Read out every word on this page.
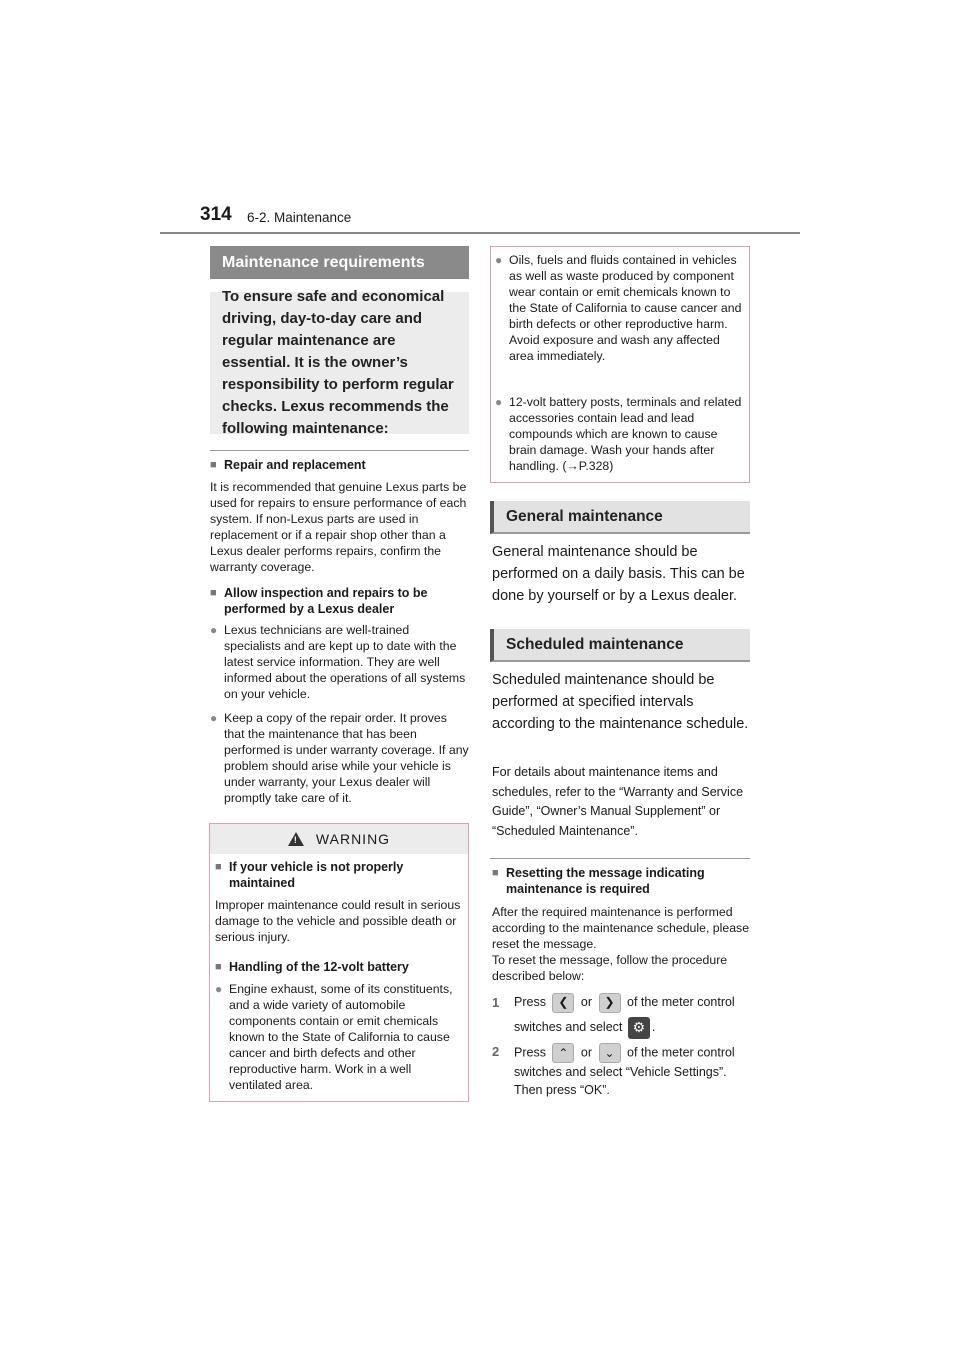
314 6-2. Maintenance
Maintenance requirements
To ensure safe and economical driving, day-to-day care and regular maintenance are essential. It is the owner’s responsibility to perform regular checks. Lexus recommends the following maintenance:
■ Repair and replacement
It is recommended that genuine Lexus parts be used for repairs to ensure performance of each system. If non-Lexus parts are used in replacement or if a repair shop other than a Lexus dealer performs repairs, confirm the warranty coverage.
■ Allow inspection and repairs to be performed by a Lexus dealer
● Lexus technicians are well-trained specialists and are kept up to date with the latest service information. They are well informed about the operations of all systems on your vehicle.
● Keep a copy of the repair order. It proves that the maintenance that has been performed is under warranty coverage. If any problem should arise while your vehicle is under warranty, your Lexus dealer will promptly take care of it.
! WARNING
■ If your vehicle is not properly maintained
Improper maintenance could result in serious damage to the vehicle and possible death or serious injury.
■ Handling of the 12-volt battery
● Engine exhaust, some of its constituents, and a wide variety of automobile components contain or emit chemicals known to the State of California to cause cancer and birth defects and other reproductive harm. Work in a well ventilated area.
● Oils, fuels and fluids contained in vehicles as well as waste produced by component wear contain or emit chemicals known to the State of California to cause cancer and birth defects or other reproductive harm. Avoid exposure and wash any affected area immediately.
● 12-volt battery posts, terminals and related accessories contain lead and lead compounds which are known to cause brain damage. Wash your hands after handling. (→P.328)
General maintenance
General maintenance should be performed on a daily basis. This can be done by yourself or by a Lexus dealer.
Scheduled maintenance
Scheduled maintenance should be performed at specified intervals according to the maintenance schedule.
For details about maintenance items and schedules, refer to the “Warranty and Service Guide”, “Owner’s Manual Supplement” or “Scheduled Maintenance”.
■ Resetting the message indicating maintenance is required
After the required maintenance is performed according to the maintenance schedule, please reset the message.
To reset the message, follow the procedure described below:
1	Press ❮ or ❯ of the meter control switches and select ⚙ .
2	Press ⌃ or ⌄ of the meter control switches and select “Vehicle Settings”. Then press “OK”.
